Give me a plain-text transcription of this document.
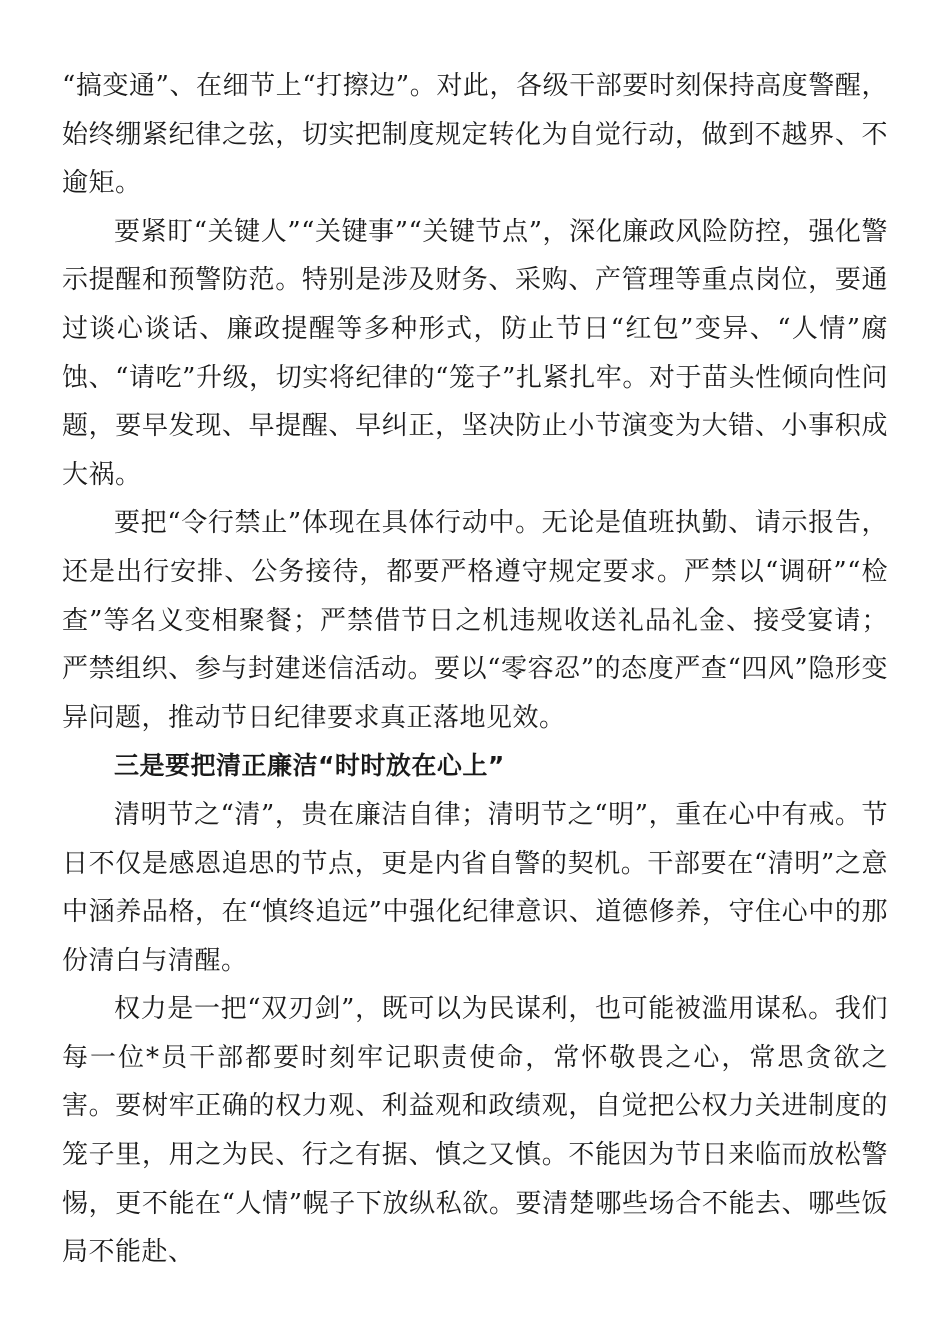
“搞变通”、在细节上“打擦边”。对此，各级干部要时刻保持高度警醒，始终绷紧纪律之弦，切实把制度规定转化为自觉行动，做到不越界、不逾矩。

要紧盯“关键人”“关键事”“关键节点”，深化廉政风险防控，强化警示提醒和预警防范。特别是涉及财务、采购、产管理等重点岗位，要通过谈心谈话、廉政提醒等多种形式，防止节日“红包”变异、“人情”腐蚀、“请吃”升级，切实将纪律的“笼子”扎紧扎牢。对于苗头性倾向性问题，要早发现、早提醒、早纠正，坚决防止小节演变为大错、小事积成大祸。

要把“令行禁止”体现在具体行动中。无论是值班执勤、请示报告，还是出行安排、公务接待，都要严格遵守规定要求。严禁以“调研”“检查”等名义变相聚餐；严禁借节日之机违规收送礼品礼金、接受宴请；严禁组织、参与封建迷信活动。要以“零容忍”的态度严查“四风”隐形变异问题，推动节日纪律要求真正落地见效。

三是要把清正廉洁“时时放在心上”

清明节之“清”，贵在廉洁自律；清明节之“明”，重在心中有戒。节日不仅是感恩追思的节点，更是内省自警的契机。干部要在“清明”之意中涵养品格，在“慎终追远”中强化纪律意识、道德修养，守住心中的那份清白与清醒。

权力是一把“双刃剑”，既可以为民谋利，也可能被滥用谋私。我们每一位*员干部都要时刻牢记职责使命，常怀敬畏之心，常思贪欲之害。要树牢正确的权力观、利益观和政绩观，自觉把公权力关进制度的笼子里，用之为民、行之有据、慎之又慎。不能因为节日来临而放松警惕，更不能在“人情”幌子下放纵私欲。要清楚哪些场合不能去、哪些饭局不能赴、
